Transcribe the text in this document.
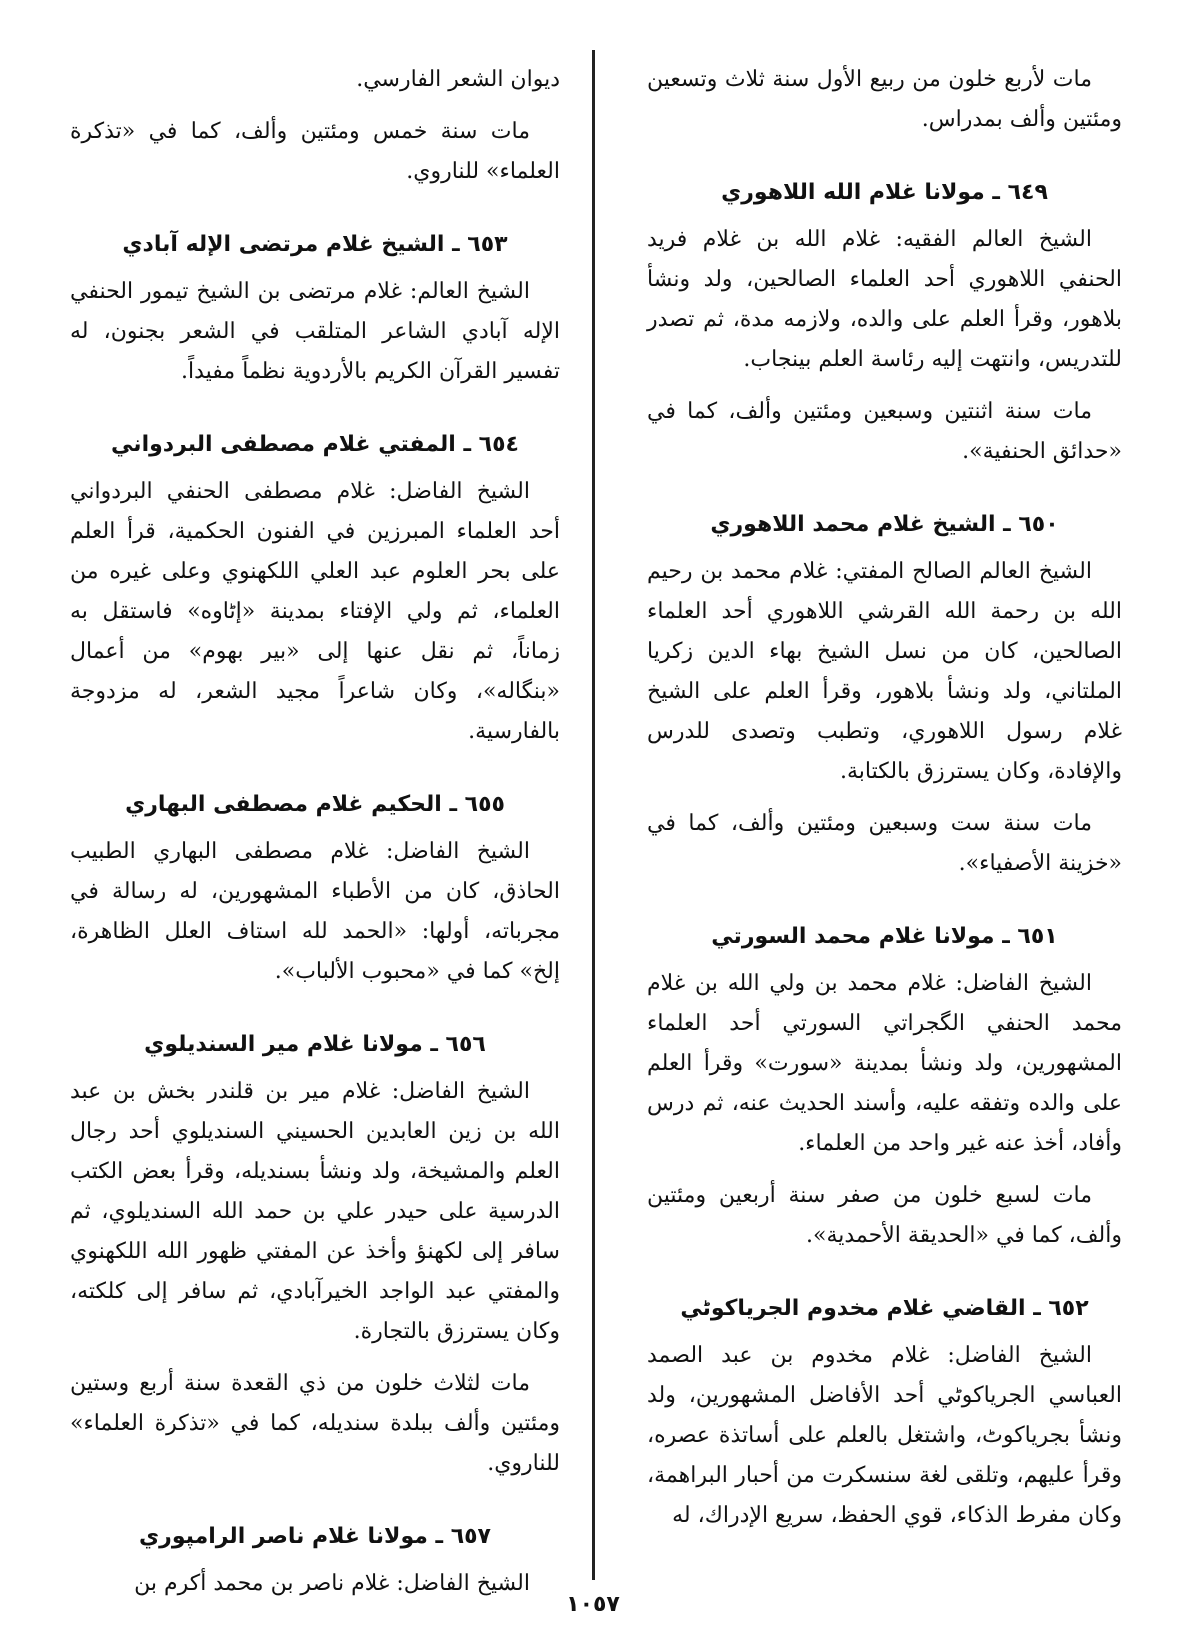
مات لأربع خلون من ربيع الأول سنة ثلاث وتسعين ومئتين وألف بمدراس.

٦٤٩ ـ مولانا غلام الله اللاهوري

الشيخ العالم الفقيه: غلام الله بن غلام فريد الحنفي اللاهوري أحد العلماء الصالحين، ولد ونشأ بلاهور، وقرأ العلم على والده، ولازمه مدة، ثم تصدر للتدريس، وانتهت إليه رئاسة العلم بينجاب.

مات سنة اثنتين وسبعين ومئتين وألف، كما في «حدائق الحنفية».

٦٥٠ ـ الشيخ غلام محمد اللاهوري

الشيخ العالم الصالح المفتي: غلام محمد بن رحيم الله بن رحمة الله القرشي اللاهوري أحد العلماء الصالحين، كان من نسل الشيخ بهاء الدين زكريا الملتاني، ولد ونشأ بلاهور، وقرأ العلم على الشيخ غلام رسول اللاهوري، وتطبب وتصدى للدرس والإفادة، وكان يسترزق بالكتابة.

مات سنة ست وسبعين ومئتين وألف، كما في «خزينة الأصفياء».

٦٥١ ـ مولانا غلام محمد السورتي

الشيخ الفاضل: غلام محمد بن ولي الله بن غلام محمد الحنفي الگجراتي السورتي أحد العلماء المشهورين، ولد ونشأ بمدينة «سورت» وقرأ العلم على والده وتفقه عليه، وأسند الحديث عنه، ثم درس وأفاد، أخذ عنه غير واحد من العلماء.

مات لسبع خلون من صفر سنة أربعين ومئتين وألف، كما في «الحديقة الأحمدية».

٦٥٢ ـ القاضي غلام مخدوم الجرياكوٹي

الشيخ الفاضل: غلام مخدوم بن عبد الصمد العباسي الجرياكوٹي أحد الأفاضل المشهورين، ولد ونشأ بجرياكوٹ، واشتغل بالعلم على أساتذة عصره، وقرأ عليهم، وتلقى لغة سنسكرت من أحبار البراهمة، وكان مفرط الذكاء، قوي الحفظ، سريع الإدراك، له

ديوان الشعر الفارسي.

مات سنة خمس ومئتين وألف، كما في «تذكرة العلماء» للناروي.

٦٥٣ ـ الشيخ غلام مرتضى الإله آبادي

الشيخ العالم: غلام مرتضى بن الشيخ تيمور الحنفي الإله آبادي الشاعر المتلقب في الشعر بجنون، له تفسير القرآن الكريم بالأردوية نظماً مفيداً.

٦٥٤ ـ المفتي غلام مصطفى البردواني

الشيخ الفاضل: غلام مصطفى الحنفي البردواني أحد العلماء المبرزين في الفنون الحكمية، قرأ العلم على بحر العلوم عبد العلي اللكهنوي وعلى غيره من العلماء، ثم ولي الإفتاء بمدينة «إٹاوه» فاستقل به زماناً، ثم نقل عنها إلى «بير بهوم» من أعمال «بنگاله»، وكان شاعراً مجيد الشعر، له مزدوجة بالفارسية.

٦٥٥ ـ الحكيم غلام مصطفى البهاري

الشيخ الفاضل: غلام مصطفى البهاري الطبيب الحاذق، كان من الأطباء المشهورين، له رسالة في مجرباته، أولها: «الحمد لله استاف العلل الظاهرة، إلخ» كما في «محبوب الألباب».

٦٥٦ ـ مولانا غلام مير السنديلوي

الشيخ الفاضل: غلام مير بن قلندر بخش بن عبد الله بن زين العابدين الحسيني السنديلوي أحد رجال العلم والمشيخة، ولد ونشأ بسنديله، وقرأ بعض الكتب الدرسية على حيدر علي بن حمد الله السنديلوي، ثم سافر إلى لكهنؤ وأخذ عن المفتي ظهور الله اللكهنوي والمفتي عبد الواجد الخيرآبادي، ثم سافر إلى كلكته، وكان يسترزق بالتجارة.

مات لثلاث خلون من ذي القعدة سنة أربع وستين ومئتين وألف ببلدة سنديله، كما في «تذكرة العلماء» للناروي.

٦٥٧ ـ مولانا غلام ناصر الرامپوري

الشيخ الفاضل: غلام ناصر بن محمد أكرم بن

١٠٥٧
